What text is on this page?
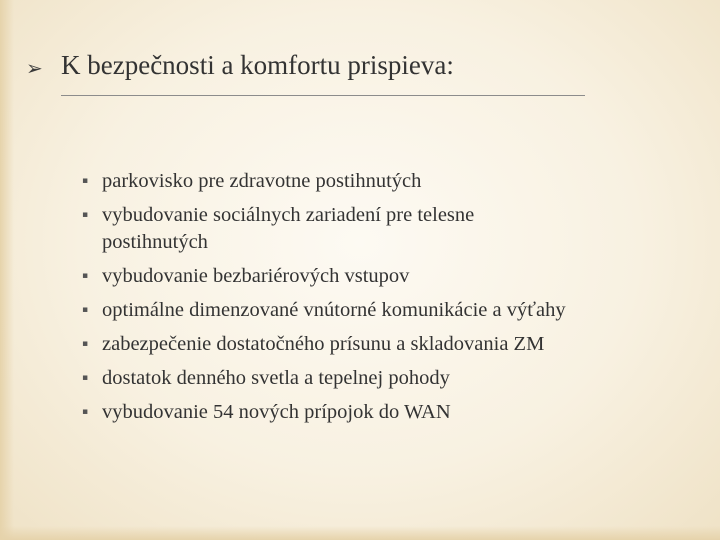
➢ K bezpečnosti a komfortu prispieva:
▪ parkovisko pre zdravotne postihnutých
▪ vybudovanie sociálnych zariadení pre telesne postihnutých
▪ vybudovanie bezbariérových vstupov
▪ optimálne dimenzované vnútorné komunikácie a výťahy
▪ zabezpečenie dostatočného prísunu a skladovania ZM
▪ dostatok denného svetla a tepelnej pohody
▪ vybudovanie 54 nových prípojok do WAN
